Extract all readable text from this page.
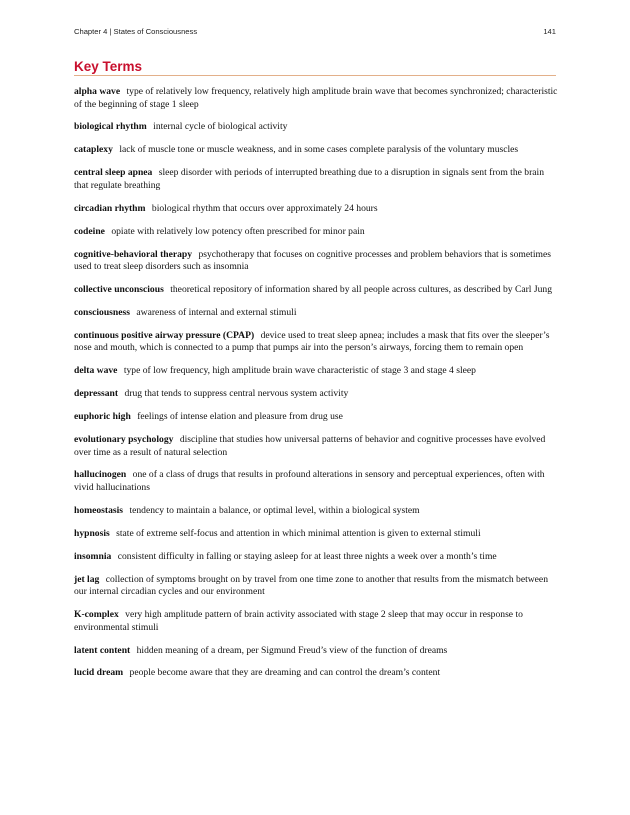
Chapter 4 | States of Consciousness	141
Key Terms

alpha wave type of relatively low frequency, relatively high amplitude brain wave that becomes synchronized; characteristic of the beginning of stage 1 sleep

biological rhythm internal cycle of biological activity

cataplexy lack of muscle tone or muscle weakness, and in some cases complete paralysis of the voluntary muscles

central sleep apnea sleep disorder with periods of interrupted breathing due to a disruption in signals sent from the brain that regulate breathing

circadian rhythm biological rhythm that occurs over approximately 24 hours

codeine opiate with relatively low potency often prescribed for minor pain

cognitive-behavioral therapy psychotherapy that focuses on cognitive processes and problem behaviors that is sometimes used to treat sleep disorders such as insomnia

collective unconscious theoretical repository of information shared by all people across cultures, as described by Carl Jung

consciousness awareness of internal and external stimuli

continuous positive airway pressure (CPAP) device used to treat sleep apnea; includes a mask that fits over the sleeper’s nose and mouth, which is connected to a pump that pumps air into the person’s airways, forcing them to remain open

delta wave type of low frequency, high amplitude brain wave characteristic of stage 3 and stage 4 sleep

depressant drug that tends to suppress central nervous system activity

euphoric high feelings of intense elation and pleasure from drug use

evolutionary psychology discipline that studies how universal patterns of behavior and cognitive processes have evolved over time as a result of natural selection

hallucinogen one of a class of drugs that results in profound alterations in sensory and perceptual experiences, often with vivid hallucinations

homeostasis tendency to maintain a balance, or optimal level, within a biological system

hypnosis state of extreme self-focus and attention in which minimal attention is given to external stimuli

insomnia consistent difficulty in falling or staying asleep for at least three nights a week over a month’s time

jet lag collection of symptoms brought on by travel from one time zone to another that results from the mismatch between our internal circadian cycles and our environment

K-complex very high amplitude pattern of brain activity associated with stage 2 sleep that may occur in response to environmental stimuli

latent content hidden meaning of a dream, per Sigmund Freud’s view of the function of dreams

lucid dream people become aware that they are dreaming and can control the dream’s content
